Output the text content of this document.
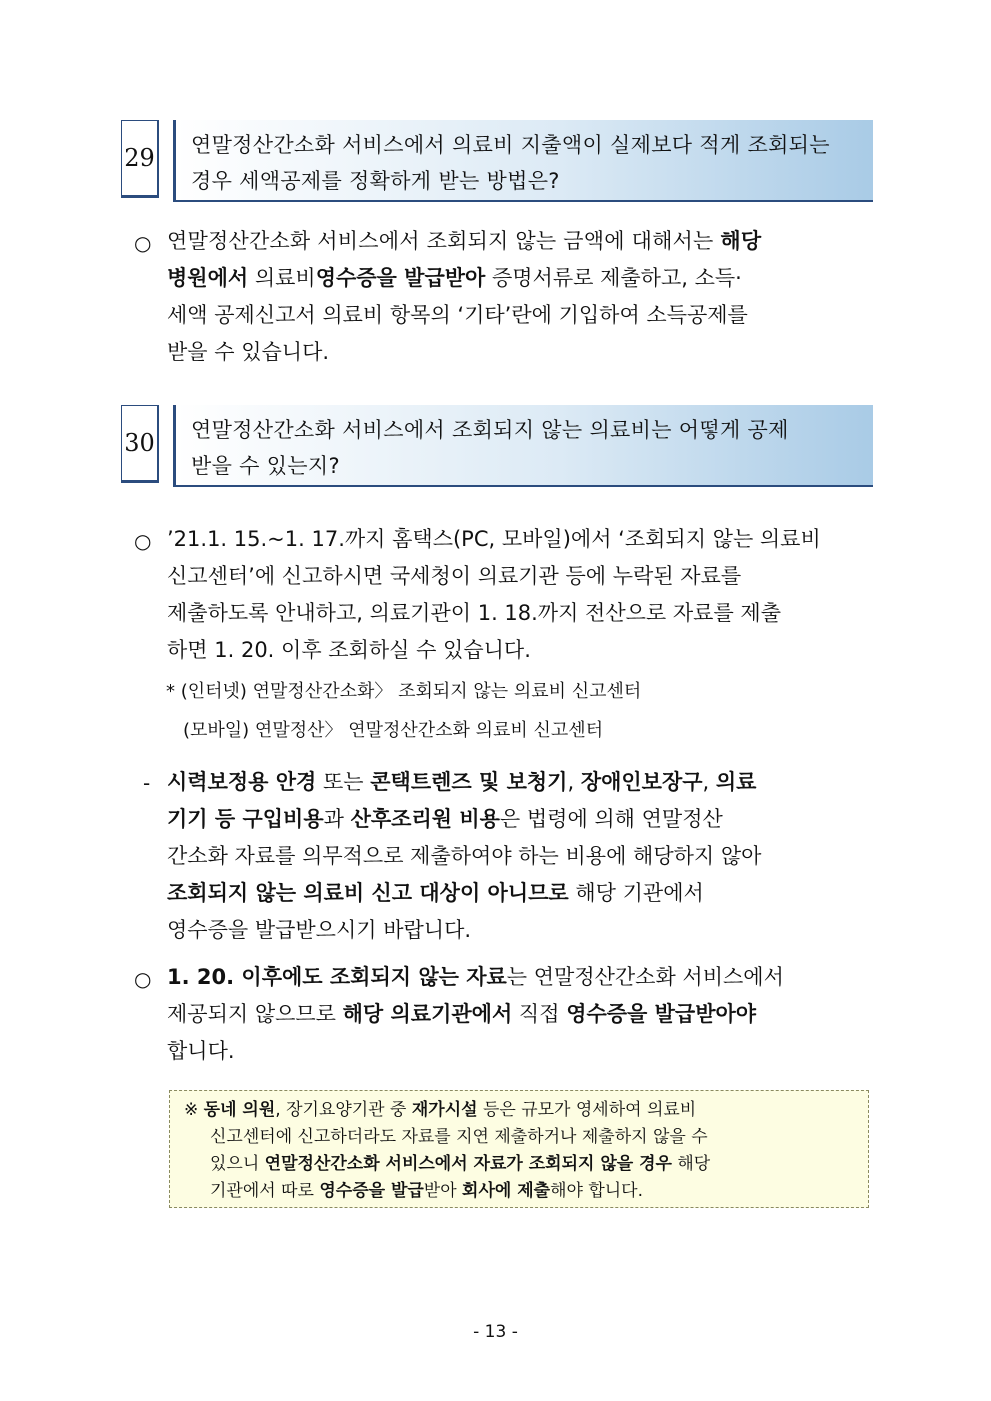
29 연말정산간소화 서비스에서 의료비 지출액이 실제보다 적게 조회되는
경우 세액공제를 정확하게 받는 방법은?
○ 연말정산간소화 서비스에서 조회되지 않는 금액에 대해서는 해당
병원에서 의료비영수증을 발급받아 증명서류로 제출하고, 소득·
세액 공제신고서 의료비 항목의 ‘기타’란에 기입하여 소득공제를
받을 수 있습니다.
30 연말정산간소화 서비스에서 조회되지 않는 의료비는 어떻게 공제
받을 수 있는지?
○ ’21.1. 15.~1. 17.까지 홈택스(PC, 모바일)에서 ‘조회되지 않는 의료비
신고센터’에 신고하시면 국세청이 의료기관 등에 누락된 자료를
제출하도록 안내하고, 의료기관이 1. 18.까지 전산으로 자료를 제출
하면 1. 20. 이후 조회하실 수 있습니다.
* (인터넷) 연말정산간소화〉 조회되지 않는 의료비 신고센터
(모바일) 연말정산〉 연말정산간소화 의료비 신고센터
- 시력보정용 안경 또는 콘택트렌즈 및 보청기, 장애인보장구, 의료
기기 등 구입비용과 산후조리원 비용은 법령에 의해 연말정산
간소화 자료를 의무적으로 제출하여야 하는 비용에 해당하지 않아
조회되지 않는 의료비 신고 대상이 아니므로 해당 기관에서
영수증을 발급받으시기 바랍니다.
○ 1. 20. 이후에도 조회되지 않는 자료는 연말정산간소화 서비스에서
제공되지 않으므로 해당 의료기관에서 직접 영수증을 발급받아야
합니다.
※ 동네 의원, 장기요양기관 중 재가시설 등은 규모가 영세하여 의료비
신고센터에 신고하더라도 자료를 지연 제출하거나 제출하지 않을 수
있으니 연말정산간소화 서비스에서 자료가 조회되지 않을 경우 해당
기관에서 따로 영수증을 발급받아 회사에 제출해야 합니다.
- 13 -
